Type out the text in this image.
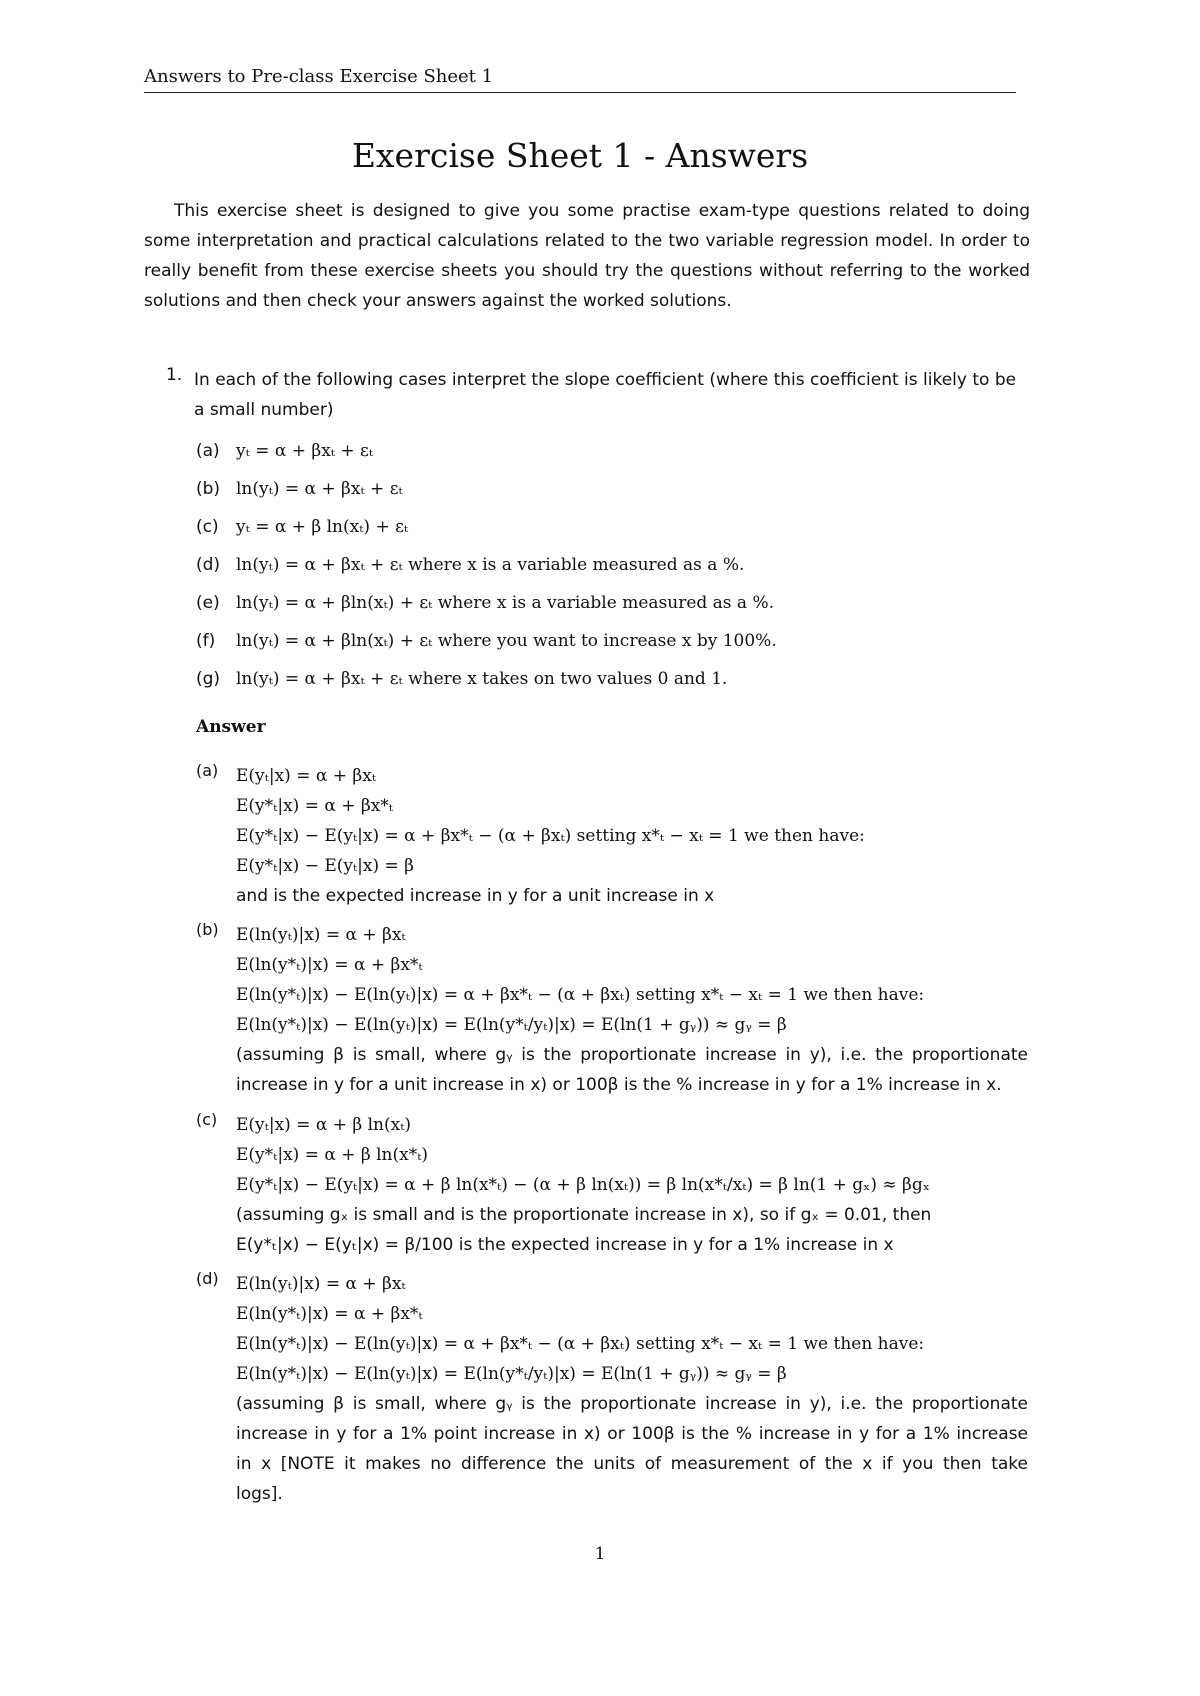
Answers to Pre-class Exercise Sheet 1
Exercise Sheet 1 - Answers

This exercise sheet is designed to give you some practise exam-type questions related to doing some interpretation and practical calculations related to the two variable regression model. In order to really benefit from these exercise sheets you should try the questions without referring to the worked solutions and then check your answers against the worked solutions.

1. In each of the following cases interpret the slope coefficient (where this coefficient is likely to be a small number)

(a) yₜ = α + βxₜ + εₜ
(b) ln(yₜ) = α + βxₜ + εₜ
(c) yₜ = α + β ln(xₜ) + εₜ
(d) ln(yₜ) = α + βxₜ + εₜ where x is a variable measured as a %.
(e) ln(yₜ) = α + βln(xₜ) + εₜ where x is a variable measured as a %.
(f) ln(yₜ) = α + βln(xₜ) + εₜ where you want to increase x by 100%.
(g) ln(yₜ) = α + βxₜ + εₜ where x takes on two values 0 and 1.
Answer
(a)	E(yₜ|x) = α + βxₜ
E(y*ₜ|x) = α + βx*ₜ
E(y*ₜ|x) − E(yₜ|x) = α + βx*ₜ − (α + βxₜ) setting x*ₜ − xₜ = 1 we then have:
E(y*ₜ|x) − E(yₜ|x) = β
and is the expected increase in y for a unit increase in x
(b)	E(ln(yₜ)|x) = α + βxₜ
E(ln(y*ₜ)|x) = α + βx*ₜ
E(ln(y*ₜ)|x) − E(ln(yₜ)|x) = α + βx*ₜ − (α + βxₜ) setting x*ₜ − xₜ = 1 we then have:
E(ln(y*ₜ)|x) − E(ln(yₜ)|x) = E(ln(y*ₜ/yₜ)|x) = E(ln(1 + gᵧ)) ≈ gᵧ = β
(assuming β is small, where gᵧ is the proportionate increase in y), i.e. the proportionate
increase in y for a unit increase in x) or 100β is the % increase in y for a 1% increase in x.
(c)	E(yₜ|x) = α + β ln(xₜ)
E(y*ₜ|x) = α + β ln(x*ₜ)
E(y*ₜ|x) − E(yₜ|x) = α + β ln(x*ₜ) − (α + β ln(xₜ)) = β ln(x*ₜ/xₜ) = β ln(1 + gₓ) ≈ βgₓ
(assuming gₓ is small and is the proportionate increase in x), so if gₓ = 0.01, then
E(y*ₜ|x) − E(yₜ|x) = β/100 is the expected increase in y for a 1% increase in x
(d)	E(ln(yₜ)|x) = α + βxₜ
E(ln(y*ₜ)|x) = α + βx*ₜ
E(ln(y*ₜ)|x) − E(ln(yₜ)|x) = α + βx*ₜ − (α + βxₜ) setting x*ₜ − xₜ = 1 we then have:
E(ln(y*ₜ)|x) − E(ln(yₜ)|x) = E(ln(y*ₜ/yₜ)|x) = E(ln(1 + gᵧ)) ≈ gᵧ = β
(assuming β is small, where gᵧ is the proportionate increase in y), i.e. the proportionate
increase in y for a 1% point increase in x) or 100β is the % increase in y for a 1% increase
in x [NOTE it makes no difference the units of measurement of the x if you then take
logs].
1
